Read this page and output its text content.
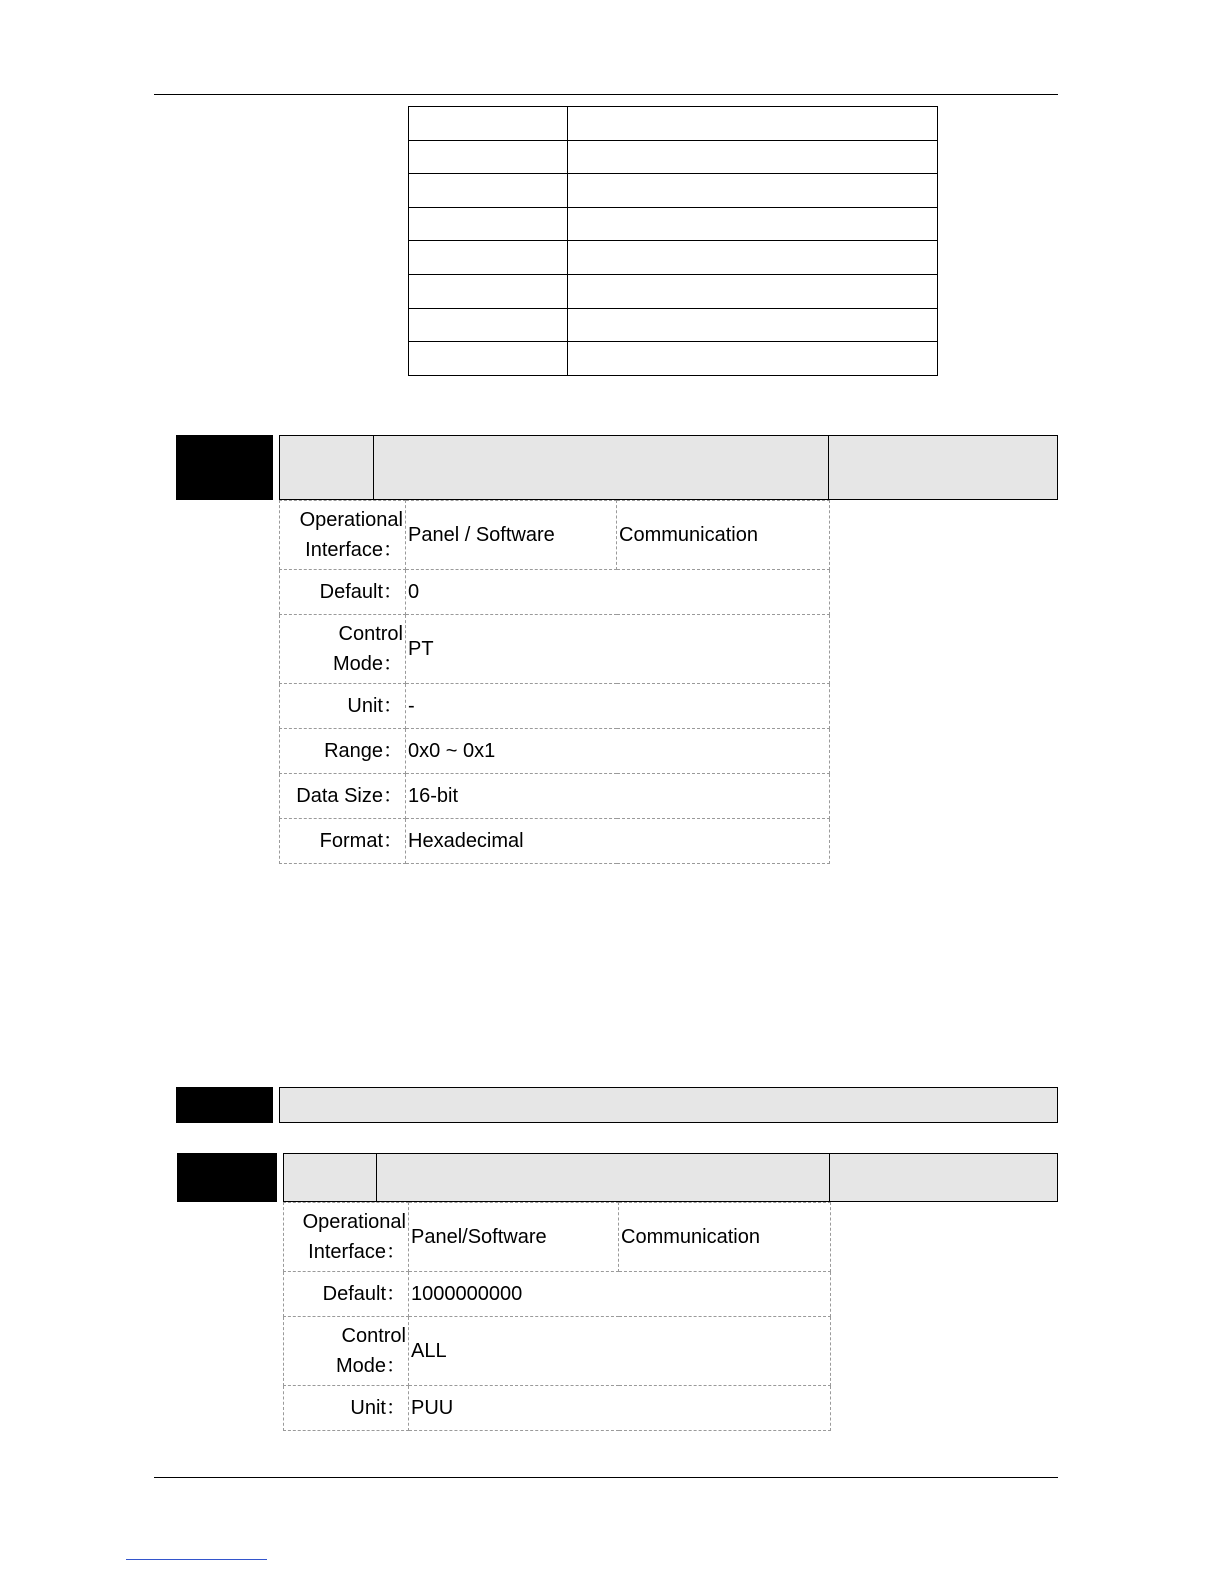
Operational
Interface：	Panel / Software	Communication
Default：	0	
Control
Mode：	PT	
Unit：	-	
Range：	0x0 ~ 0x1	
Data Size：	16-bit	
Format：	Hexadecimal	
Operational
Interface：	Panel/Software	Communication
Default：	1000000000	
Control
Mode：	ALL	
Unit：	PUU	
